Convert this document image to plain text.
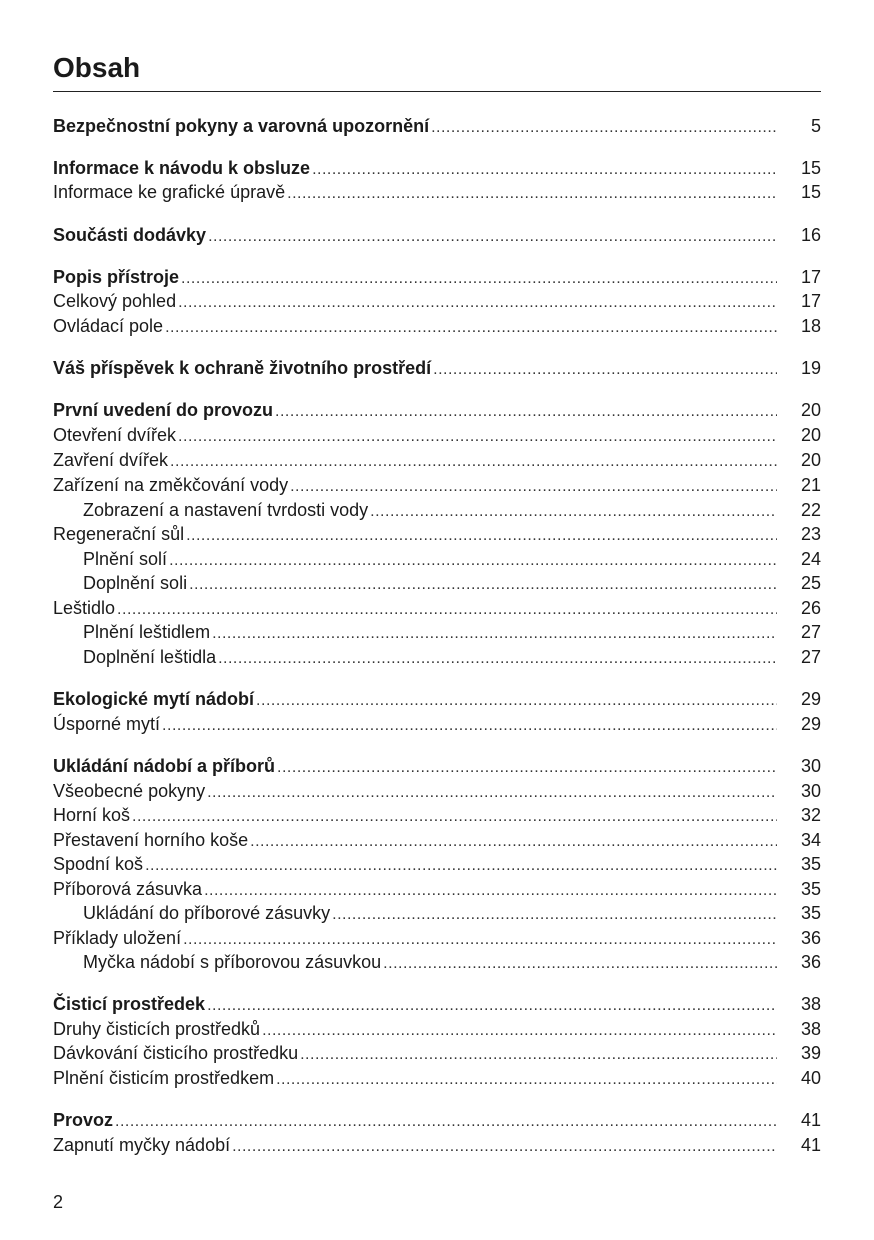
Obsah
Bezpečnostní pokyny a varovná upozornění .....	5
Informace k návodu k obsluze .....	15
Informace ke grafické úpravě .....	15
Součásti dodávky .....	16
Popis přístroje .....	17
Celkový pohled .....	17
Ovládací pole .....	18
Váš příspěvek k ochraně životního prostředí .....	19
První uvedení do provozu .....	20
Otevření dvířek .....	20
Zavření dvířek .....	20
Zařízení na změkčování vody .....	21
Zobrazení a nastavení tvrdosti vody .....	22
Regenerační sůl .....	23
Plnění solí .....	24
Doplnění soli .....	25
Leštidlo .....	26
Plnění leštidlem .....	27
Doplnění leštidla .....	27
Ekologické mytí nádobí .....	29
Úsporné mytí .....	29
Ukládání nádobí a příborů .....	30
Všeobecné pokyny .....	30
Horní koš .....	32
Přestavení horního koše .....	34
Spodní koš .....	35
Příborová zásuvka .....	35
Ukládání do příborové zásuvky .....	35
Příklady uložení .....	36
Myčka nádobí s příborovou zásuvkou .....	36
Čisticí prostředek .....	38
Druhy čisticích prostředků .....	38
Dávkování čisticího prostředku .....	39
Plnění čisticím prostředkem .....	40
Provoz .....	41
Zapnutí myčky nádobí .....	41
2
